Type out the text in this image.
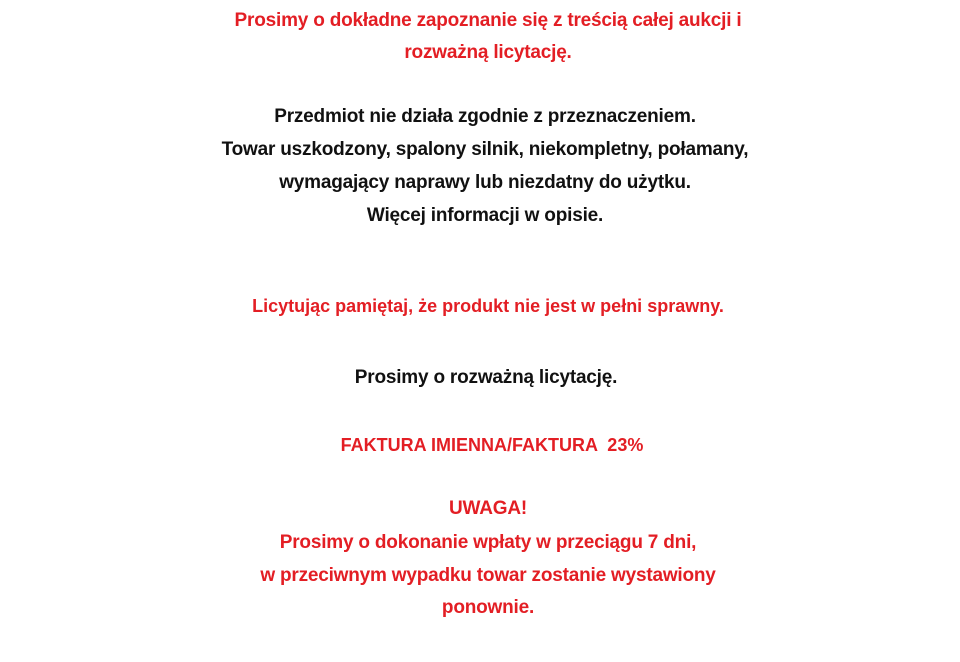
Prosimy o dokładne zapoznanie się z treścią całej aukcji i
rozważną licytację.
Przedmiot nie działa zgodnie z przeznaczeniem.
Towar uszkodzony, spalony silnik, niekompletny, połamany,
wymagający naprawy lub niezdatny do użytku.
Więcej informacji w opisie.
Licytując pamiętaj, że produkt nie jest w pełni sprawny.
Prosimy o rozważną licytację.
FAKTURA IMIENNA/FAKTURA  23%
UWAGA!
Prosimy o dokonanie wpłaty w przeciągu 7 dni,
w przeciwnym wypadku towar zostanie wystawiony
ponownie.
